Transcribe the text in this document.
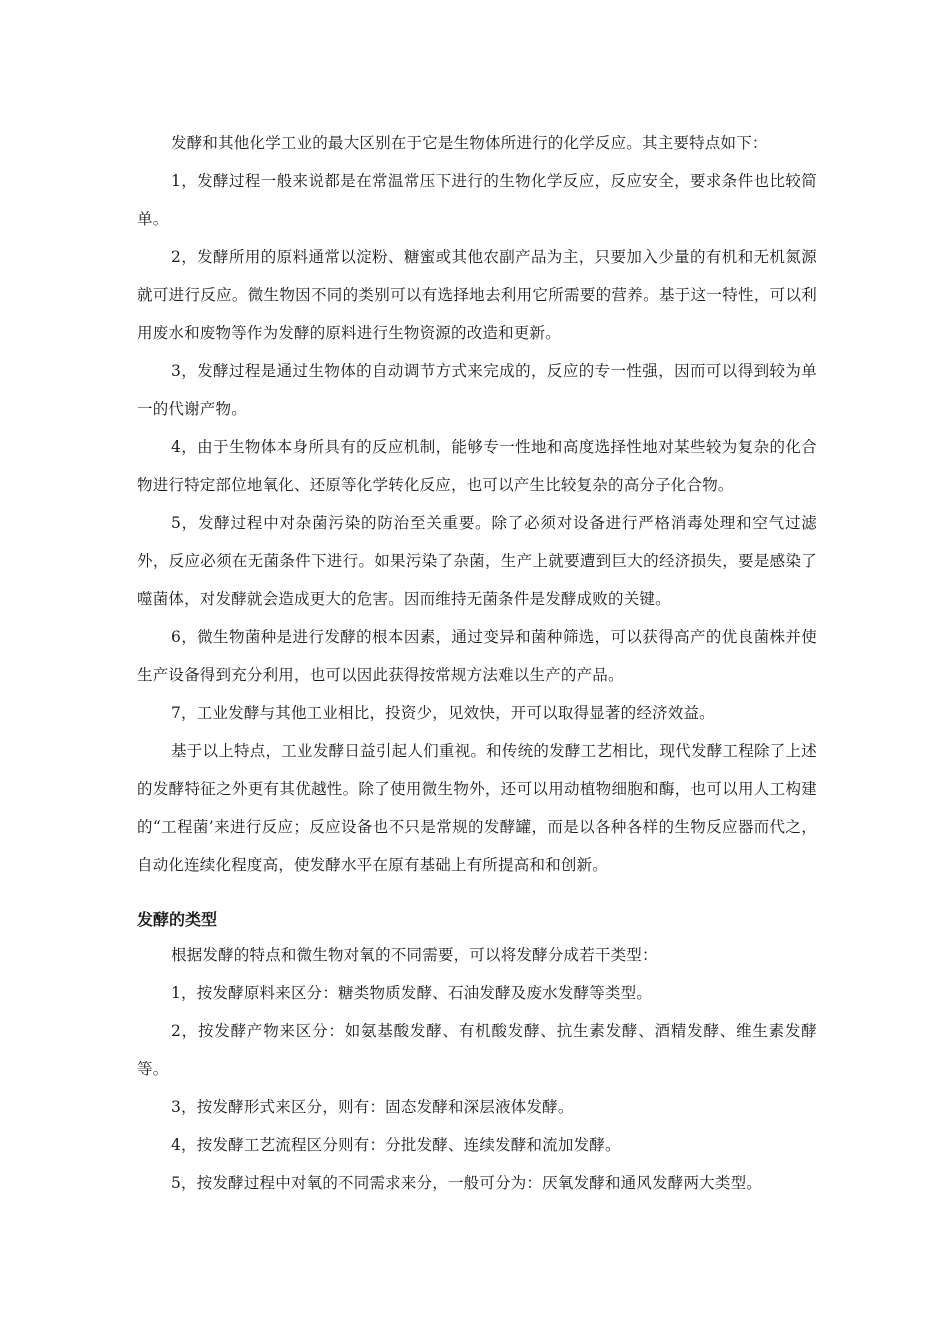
发酵和其他化学工业的最大区别在于它是生物体所进行的化学反应。其主要特点如下：

1，发酵过程一般来说都是在常温常压下进行的生物化学反应，反应安全，要求条件也比较简单。

2，发酵所用的原料通常以淀粉、糖蜜或其他农副产品为主，只要加入少量的有机和无机氮源就可进行反应。微生物因不同的类别可以有选择地去利用它所需要的营养。基于这一特性，可以利用废水和废物等作为发酵的原料进行生物资源的改造和更新。

3，发酵过程是通过生物体的自动调节方式来完成的，反应的专一性强，因而可以得到较为单一的代谢产物。

4，由于生物体本身所具有的反应机制，能够专一性地和高度选择性地对某些较为复杂的化合物进行特定部位地氧化、还原等化学转化反应，也可以产生比较复杂的高分子化合物。

5，发酵过程中对杂菌污染的防治至关重要。除了必须对设备进行严格消毒处理和空气过滤外，反应必须在无菌条件下进行。如果污染了杂菌，生产上就要遭到巨大的经济损失，要是感染了噬菌体，对发酵就会造成更大的危害。因而维持无菌条件是发酵成败的关键。

6，微生物菌种是进行发酵的根本因素，通过变异和菌种筛选，可以获得高产的优良菌株并使生产设备得到充分利用，也可以因此获得按常规方法难以生产的产品。

7，工业发酵与其他工业相比，投资少，见效快，开可以取得显著的经济效益。

基于以上特点，工业发酵日益引起人们重视。和传统的发酵工艺相比，现代发酵工程除了上述的发酵特征之外更有其优越性。除了使用微生物外，还可以用动植物细胞和酶，也可以用人工构建的“工程菌’来进行反应；反应设备也不只是常规的发酵罐，而是以各种各样的生物反应器而代之，自动化连续化程度高，使发酵水平在原有基础上有所提高和和创新。

发酵的类型

根据发酵的特点和微生物对氧的不同需要，可以将发酵分成若干类型：

1，按发酵原料来区分：糖类物质发酵、石油发酵及废水发酵等类型。

2，按发酵产物来区分：如氨基酸发酵、有机酸发酵、抗生素发酵、酒精发酵、维生素发酵等。

3，按发酵形式来区分，则有：固态发酵和深层液体发酵。

4，按发酵工艺流程区分则有：分批发酵、连续发酵和流加发酵。

5，按发酵过程中对氧的不同需求来分，一般可分为：厌氧发酵和通风发酵两大类型。
